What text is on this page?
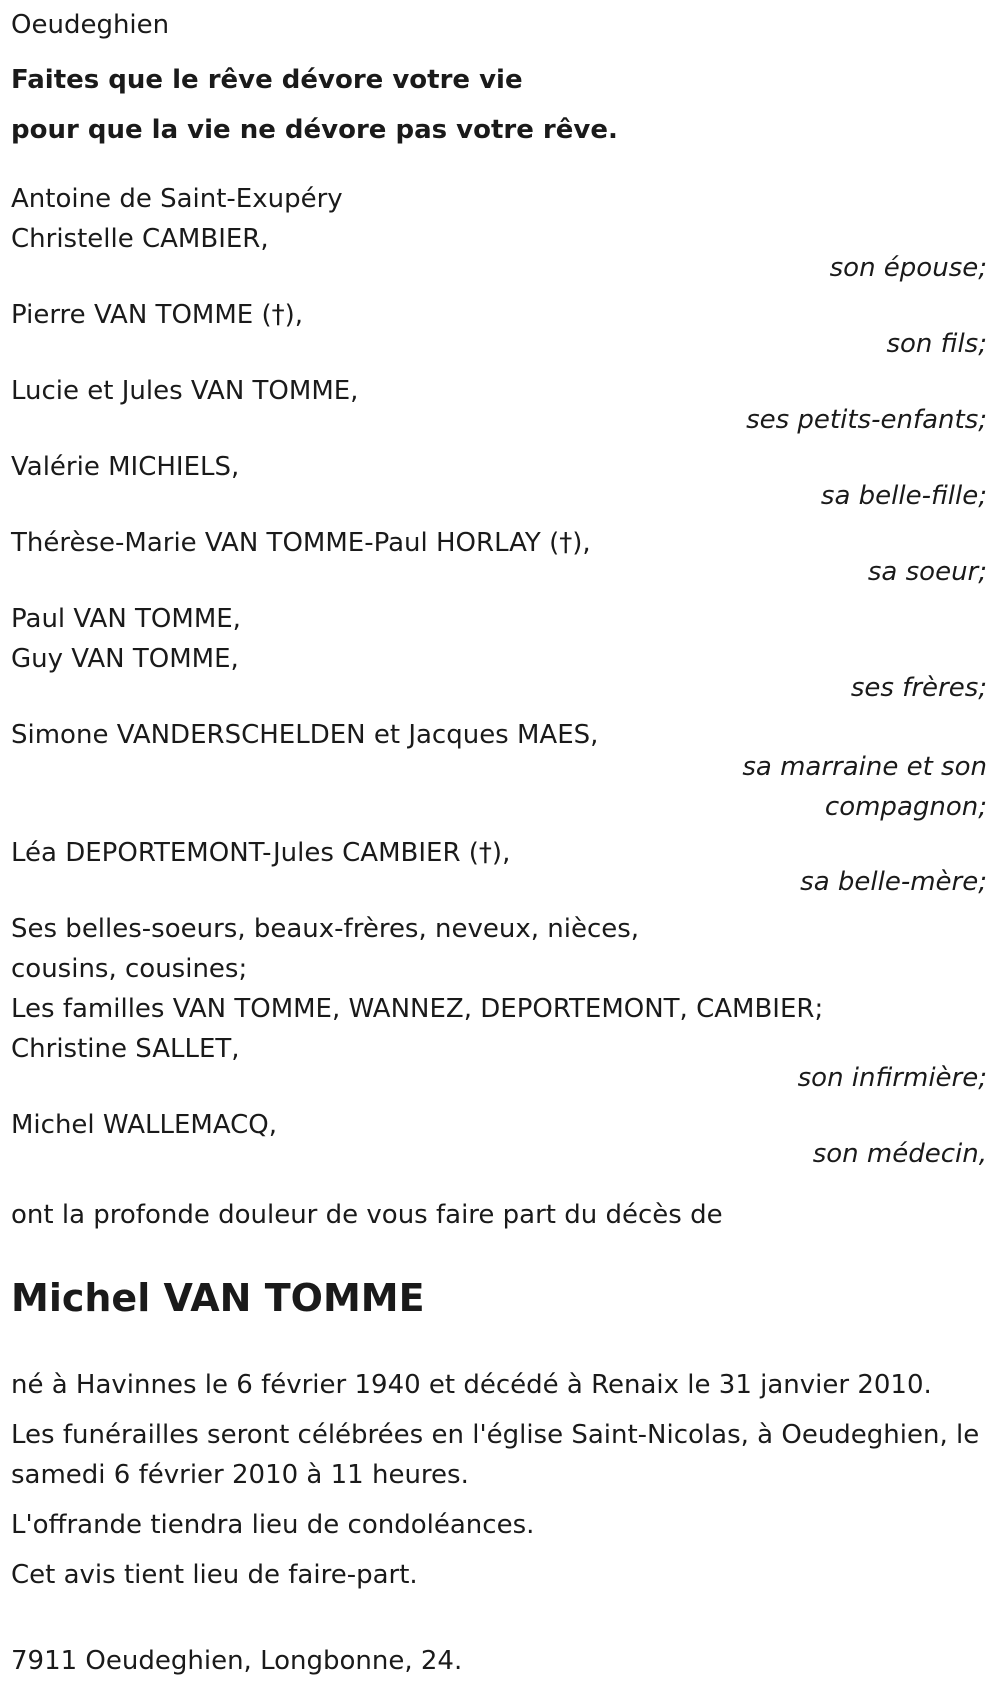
Oeudeghien
Faites que le rêve dévore votre vie
pour que la vie ne dévore pas votre rêve.
Antoine de Saint-Exupéry
Christelle CAMBIER,
son épouse;
Pierre VAN TOMME (†),
son fils;
Lucie et Jules VAN TOMME,
ses petits-enfants;
Valérie MICHIELS,
sa belle-fille;
Thérèse-Marie VAN TOMME-Paul HORLAY (†),
sa soeur;
Paul VAN TOMME,
Guy VAN TOMME,
ses frères;
Simone VANDERSCHELDEN et Jacques MAES,
sa marraine et son
compagnon;
Léa DEPORTEMONT-Jules CAMBIER (†),
sa belle-mère;
Ses belles-soeurs, beaux-frères, neveux, nièces,
cousins, cousines;
Les familles VAN TOMME, WANNEZ, DEPORTEMONT, CAMBIER;
Christine SALLET,
son infirmière;
Michel WALLEMACQ,
son médecin,
ont la profonde douleur de vous faire part du décès de
Michel VAN TOMME
né à Havinnes le 6 février 1940 et décédé à Renaix le 31 janvier 2010.
Les funérailles seront célébrées en l'église Saint-Nicolas, à Oeudeghien, le samedi 6 février 2010 à 11 heures.
L'offrande tiendra lieu de condoléances.
Cet avis tient lieu de faire-part.
7911 Oeudeghien, Longbonne, 24.
